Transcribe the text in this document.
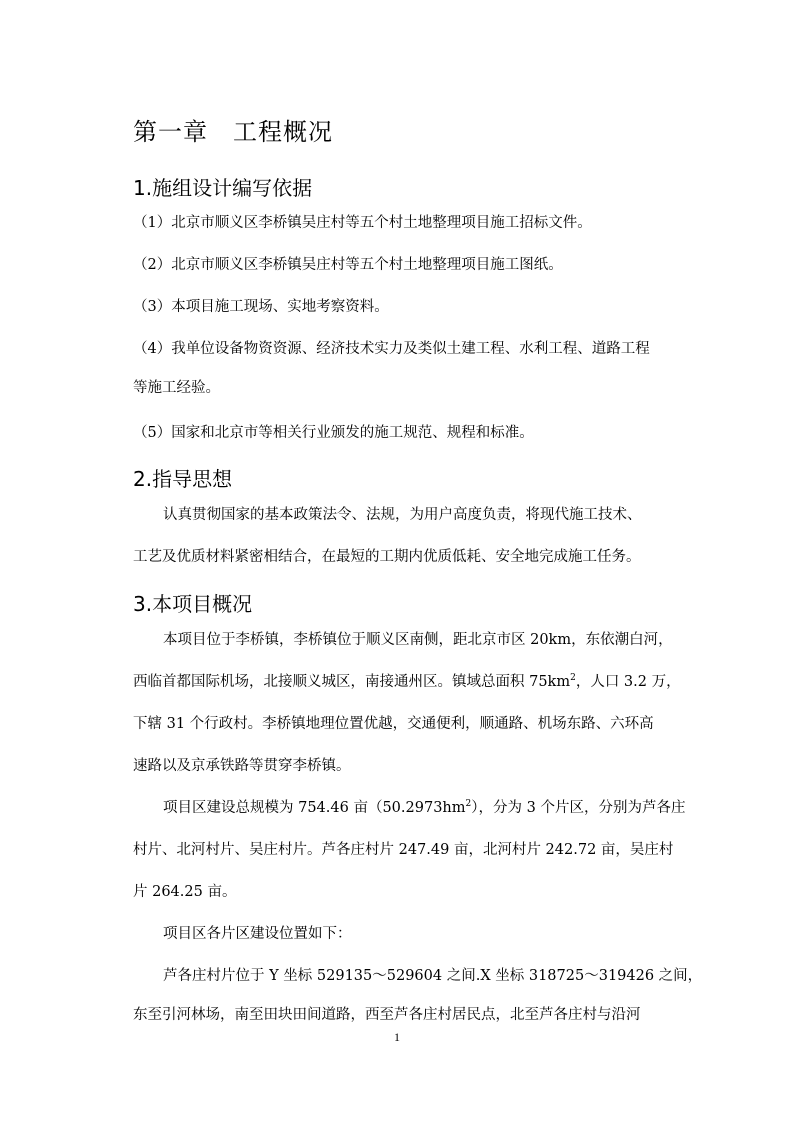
第一章　工程概况
1.施组设计编写依据

（1）北京市顺义区李桥镇吴庄村等五个村土地整理项目施工招标文件。

（2）北京市顺义区李桥镇吴庄村等五个村土地整理项目施工图纸。

（3）本项目施工现场、实地考察资料。

（4）我单位设备物资资源、经济技术实力及类似土建工程、水利工程、道路工程

等施工经验。

（5）国家和北京市等相关行业颁发的施工规范、规程和标准。

2.指导思想

认真贯彻国家的基本政策法令、法规，为用户高度负责，将现代施工技术、

工艺及优质材料紧密相结合，在最短的工期内优质低耗、安全地完成施工任务。

3.本项目概况

本项目位于李桥镇，李桥镇位于顺义区南侧，距北京市区 20km，东依潮白河，

西临首都国际机场，北接顺义城区，南接通州区。镇域总面积 $75km^2$，人口 3.2 万，

下辖 31 个行政村。李桥镇地理位置优越，交通便利，顺通路、机场东路、六环高

速路以及京承铁路等贯穿李桥镇。

项目区建设总规模为 754.46 亩$(50.2973hm^2)$，分为 3 个片区，分别为芦各庄

村片、北河村片、吴庄村片。芦各庄村片 247.49 亩，北河村片 242.72 亩，吴庄村

片 264.25 亩。

项目区各片区建设位置如下：

芦各庄村片位于 Y 坐标 529135～529604 之间.X 坐标 318725～319426 之间，

东至引河林场，南至田块田间道路，西至芦各庄村居民点，北至芦各庄村与沿河

1
